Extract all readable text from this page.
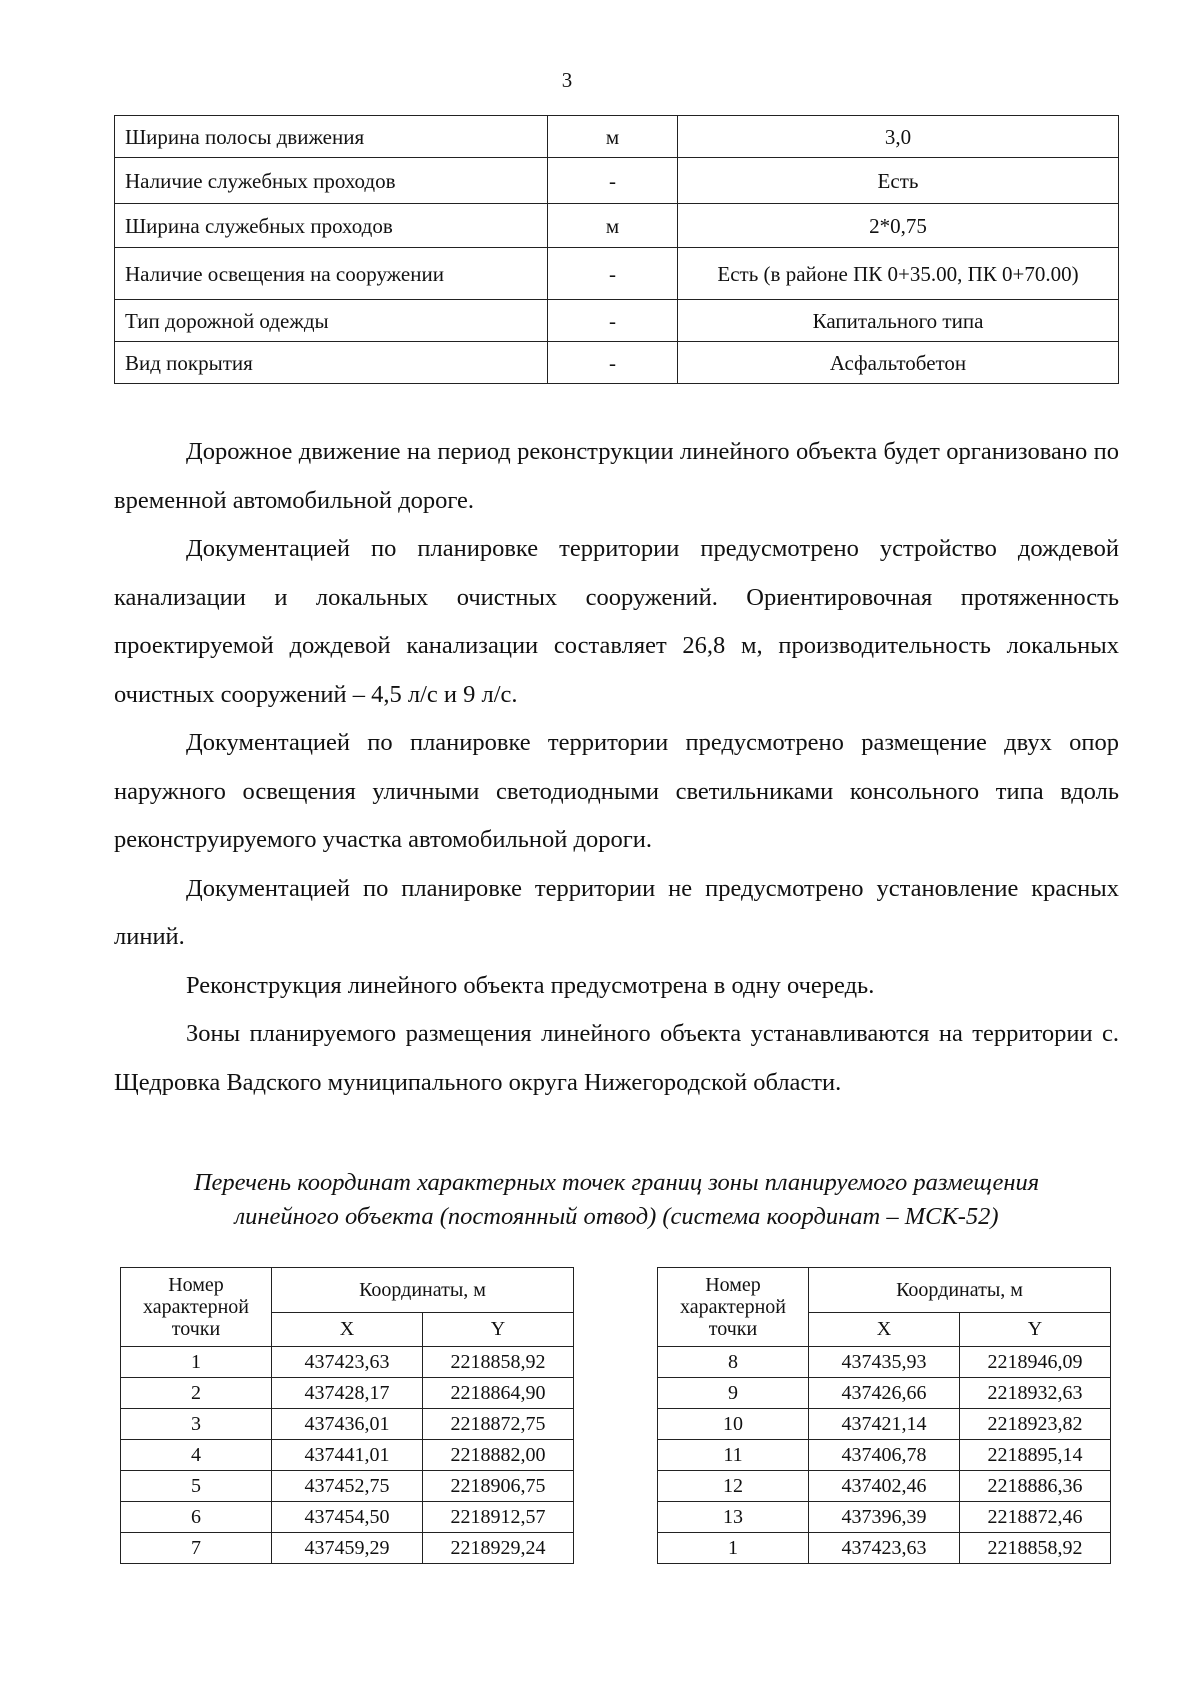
3
Ширина полосы движения	м	3,0
Наличие служебных проходов	-	Есть
Ширина служебных проходов	м	2*0,75
Наличие освещения на сооружении	-	Есть (в районе ПК 0+35.00, ПК 0+70.00)
Тип дорожной одежды	-	Капитального типа
Вид покрытия	-	Асфальтобетон

Дорожное движение на период реконструкции линейного объекта будет организовано по временной автомобильной дороге.

Документацией по планировке территории предусмотрено устройство дождевой канализации и локальных очистных сооружений. Ориентировочная протяженность проектируемой дождевой канализации составляет 26,8 м, производительность локальных очистных сооружений – 4,5 л/с и 9 л/с.

Документацией по планировке территории предусмотрено размещение двух опор наружного освещения уличными светодиодными светильниками консольного типа вдоль реконструируемого участка автомобильной дороги.

Документацией по планировке территории не предусмотрено установление красных линий.

Реконструкция линейного объекта предусмотрена в одну очередь.

Зоны планируемого размещения линейного объекта устанавливаются на территории с. Щедровка Вадского муниципального округа Нижегородской области.

Перечень координат характерных точек границ зоны планируемого размещения
линейного объекта (постоянный отвод) (система координат – МСК-52)
Номер характерной точки	Координаты, м	
	X	Y
1	437423,63	2218858,92
2	437428,17	2218864,90
3	437436,01	2218872,75
4	437441,01	2218882,00
5	437452,75	2218906,75
6	437454,50	2218912,57
7	437459,29	2218929,24
Номер характерной точки	Координаты, м	
	X	Y
8	437435,93	2218946,09
9	437426,66	2218932,63
10	437421,14	2218923,82
11	437406,78	2218895,14
12	437402,46	2218886,36
13	437396,39	2218872,46
1	437423,63	2218858,92
